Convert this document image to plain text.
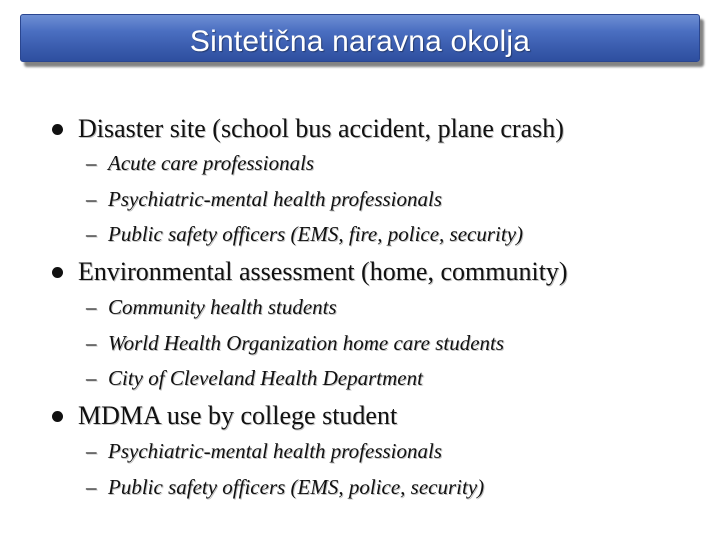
Sintetična naravna okolja
Disaster site (school bus accident, plane crash)
– Acute care professionals
– Psychiatric-mental health professionals
– Public safety officers (EMS, fire, police, security)
Environmental assessment (home, community)
– Community health students
– World Health Organization home care students
– City of Cleveland Health Department
MDMA use by college student
– Psychiatric-mental health professionals
– Public safety officers (EMS, police, security)
